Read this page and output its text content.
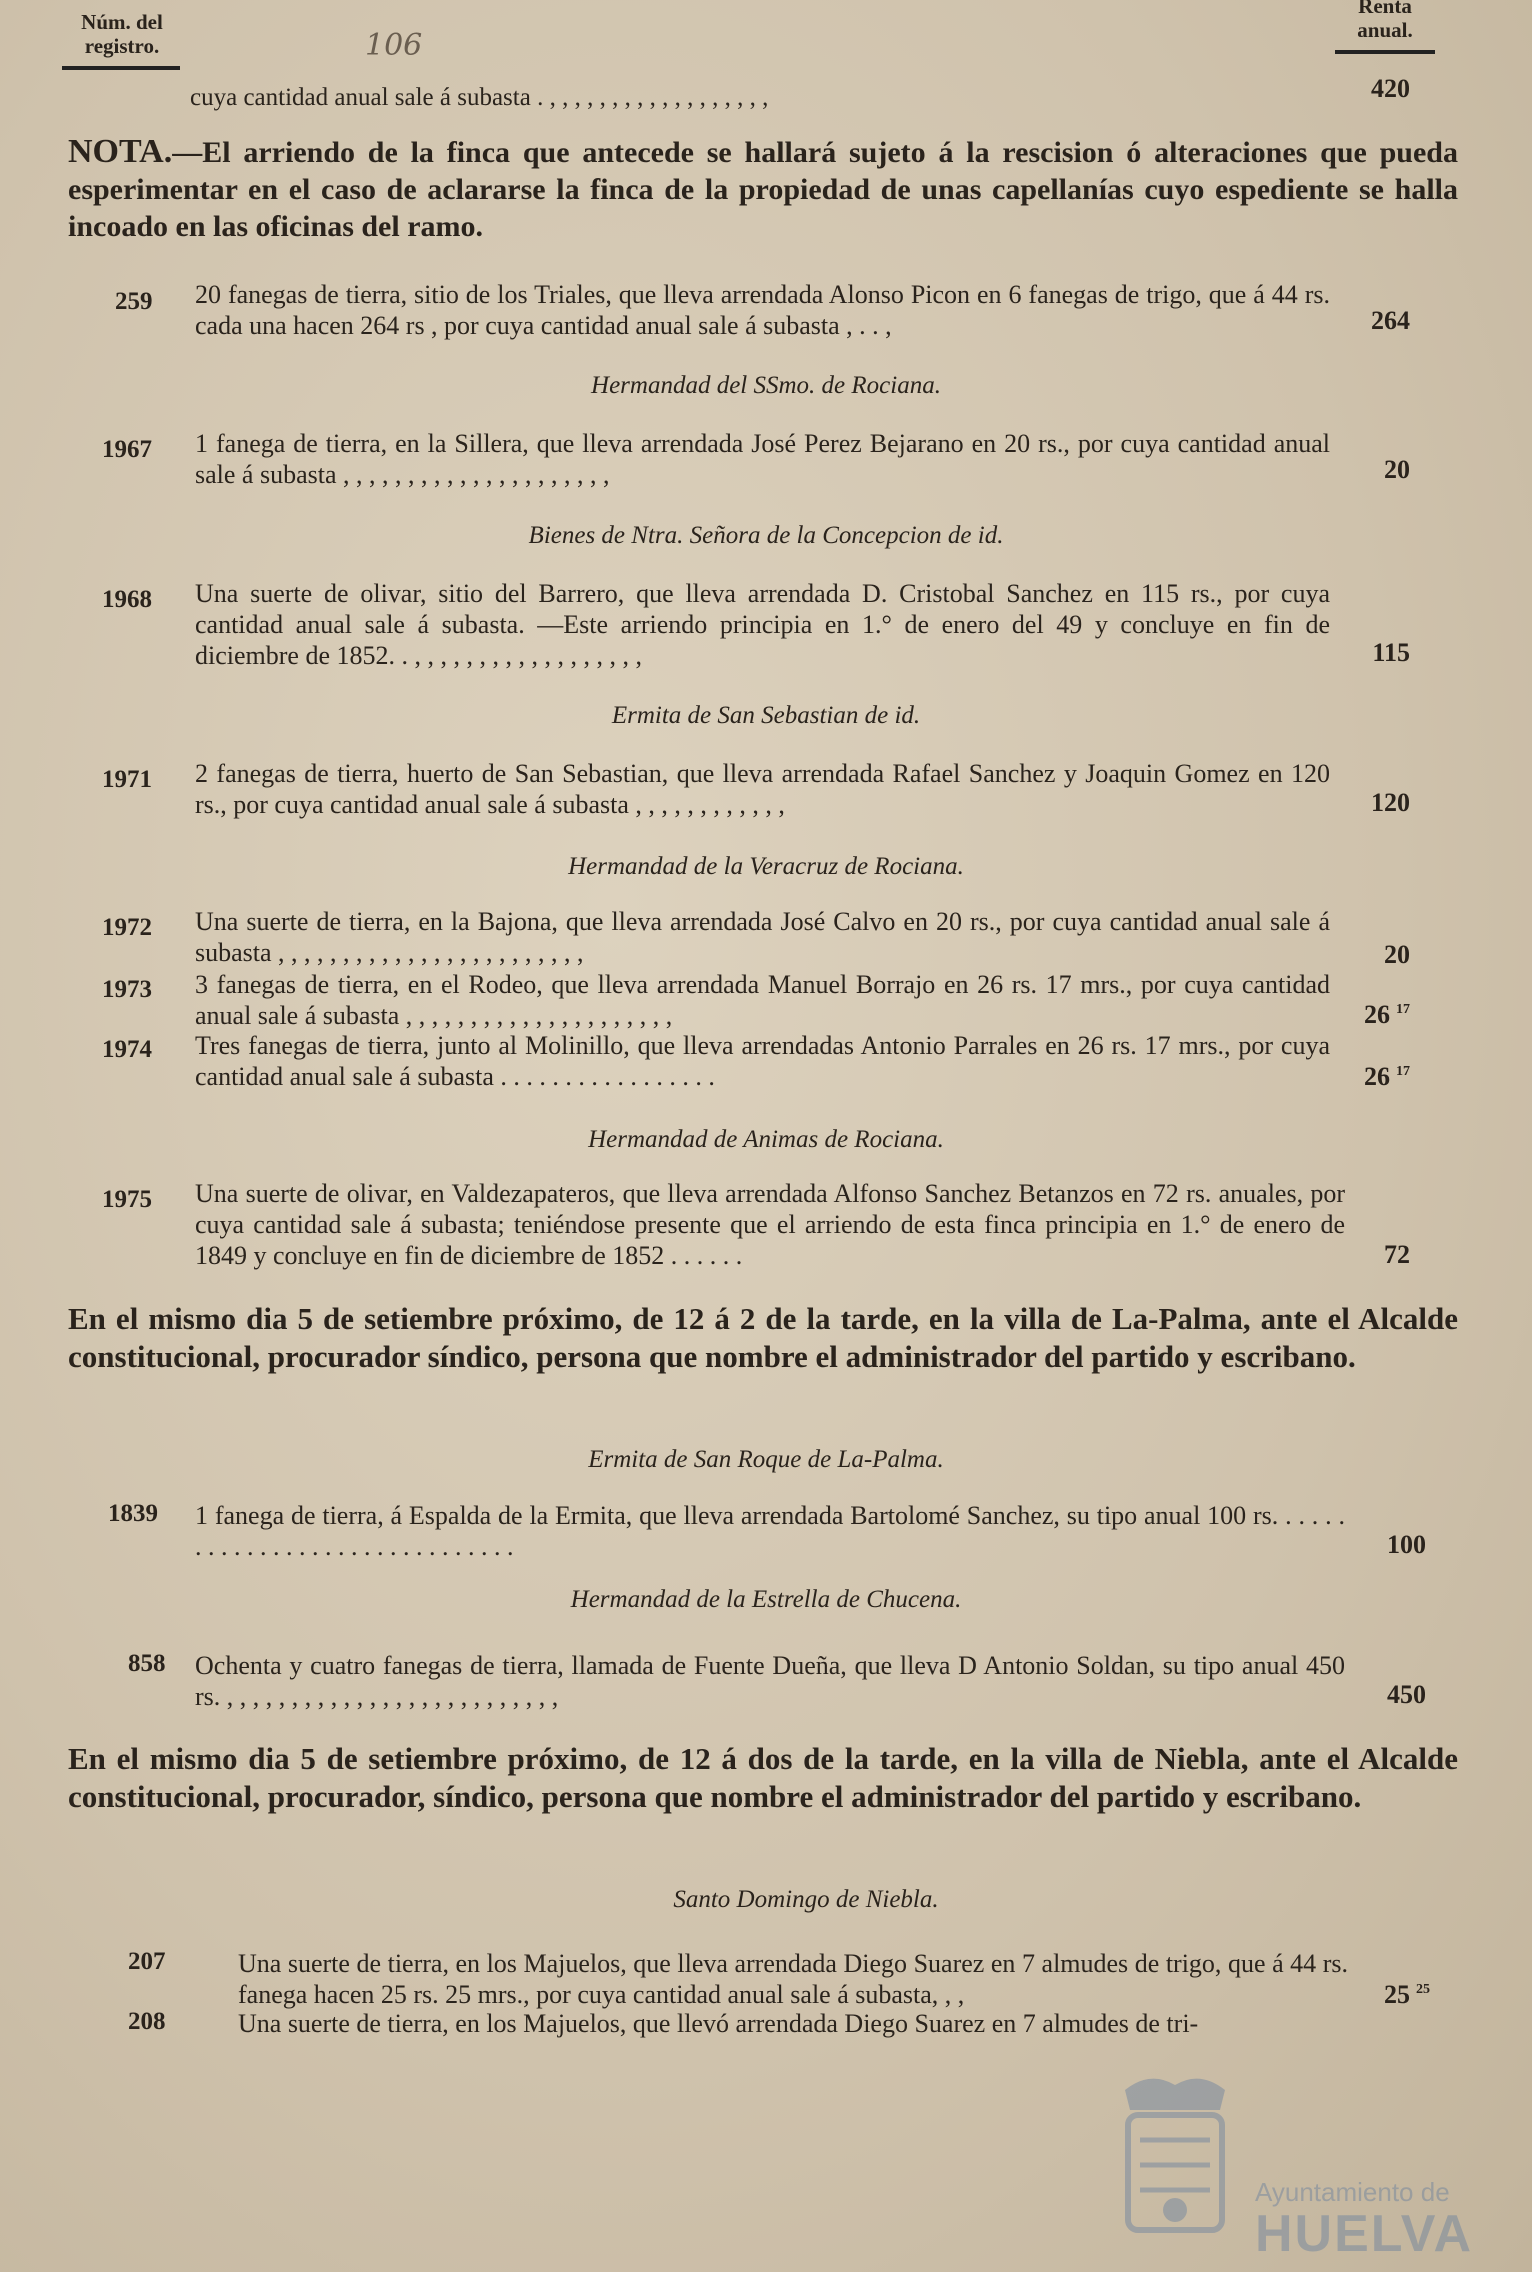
Núm. del
registro.	106
Renta
anual.
cuya cantidad anual sale á subasta . , , , , , , , , , , , , , , , , , ,	420
NOTA.—El arriendo de la finca que antecede se hallará sujeto á la rescision ó alteraciones que pueda esperimentar en el caso de aclararse la finca de la propiedad de unas capellanías cuyo espediente se halla incoado en las oficinas del ramo.
259 20 fanegas de tierra, sitio de los Triales, que lleva arrendada Alonso Picon en 6 fanegas de trigo, que á 44 rs. cada una hacen 264 rs , por cuya cantidad anual sale á subasta , . . ,	264
Hermandad del SSmo. de Rociana.
1967 1 fanega de tierra, en la Sillera, que lleva arrendada José Perez Bejarano en 20 rs., por cuya cantidad anual sale á subasta , , , , , , , , , , , , , , , , , , , , ,	20
Bienes de Ntra. Señora de la Concepcion de id.
1968 Una suerte de olivar, sitio del Barrero, que lleva arrendada D. Cristobal Sanchez en 115 rs., por cuya cantidad anual sale á subasta. —Este arriendo principia en 1.° de enero del 49 y concluye en fin de diciembre de 1852. . , , , , , , , , , , , , , , , , , ,	115
Ermita de San Sebastian de id.
1971 2 fanegas de tierra, huerto de San Sebastian, que lleva arrendada Rafael Sanchez y Joaquin Gomez en 120 rs., por cuya cantidad anual sale á subasta , , , , , , , , , , , ,	120
Hermandad de la Veracruz de Rociana.
1972 Una suerte de tierra, en la Bajona, que lleva arrendada José Calvo en 20 rs., por cuya cantidad anual sale á subasta , , , , , , , , , , , , , , , , , , , , , , , ,	20
1973 3 fanegas de tierra, en el Rodeo, que lleva arrendada Manuel Borrajo en 26 rs. 17 mrs., por cuya cantidad anual sale á subasta , , , , , , , , , , , , , , , , , , , , ,	26 $^{17}$
1974 Tres fanegas de tierra, junto al Molinillo, que lleva arrendadas Antonio Parrales en 26 rs. 17 mrs., por cuya cantidad anual sale á subasta . . . . . . . . . . . . . . . . .	26 $^{17}$
Hermandad de Animas de Rociana.
1975 Una suerte de olivar, en Valdezapateros, que lleva arrendada Alfonso Sanchez Betanzos en 72 rs. anuales, por cuya cantidad sale á subasta; teniéndose presente que el arriendo de esta finca principia en 1.° de enero de 1849 y concluye en fin de diciembre de 1852 . . . . . .	72
En el mismo dia 5 de setiembre próximo, de 12 á 2 de la tarde, en la villa de La-Palma, ante el Alcalde constitucional, procurador síndico, persona que nombre el administrador del partido y escribano.
Ermita de San Roque de La-Palma.
1839 1 fanega de tierra, á Espalda de la Ermita, que lleva arrendada Bartolomé Sanchez, su tipo anual 100 rs. . . . . . . . . . . . . . . . . . . . . . . . . . . . . . .	100
Hermandad de la Estrella de Chucena.
858 Ochenta y cuatro fanegas de tierra, llamada de Fuente Dueña, que lleva D Antonio Soldan, su tipo anual 450 rs. , , , , , , , , , , , , , , , , , , , , , , , , , ,	450
En el mismo dia 5 de setiembre próximo, de 12 á dos de la tarde, en la villa de Niebla, ante el Alcalde constitucional, procurador, síndico, persona que nombre el administrador del partido y escribano.
Santo Domingo de Niebla.
207	Una suerte de tierra, en los Majuelos, que lleva arrendada Diego Suarez en 7 almudes de trigo, que á 44 rs. fanega hacen 25 rs. 25 mrs., por cuya cantidad anual sale á subasta, , ,	25 $^{25}$
208	Una suerte de tierra, en los Majuelos, que llevó arrendada Diego Suarez en 7 almudes de tri-
Ayuntamiento de
HUELVA
